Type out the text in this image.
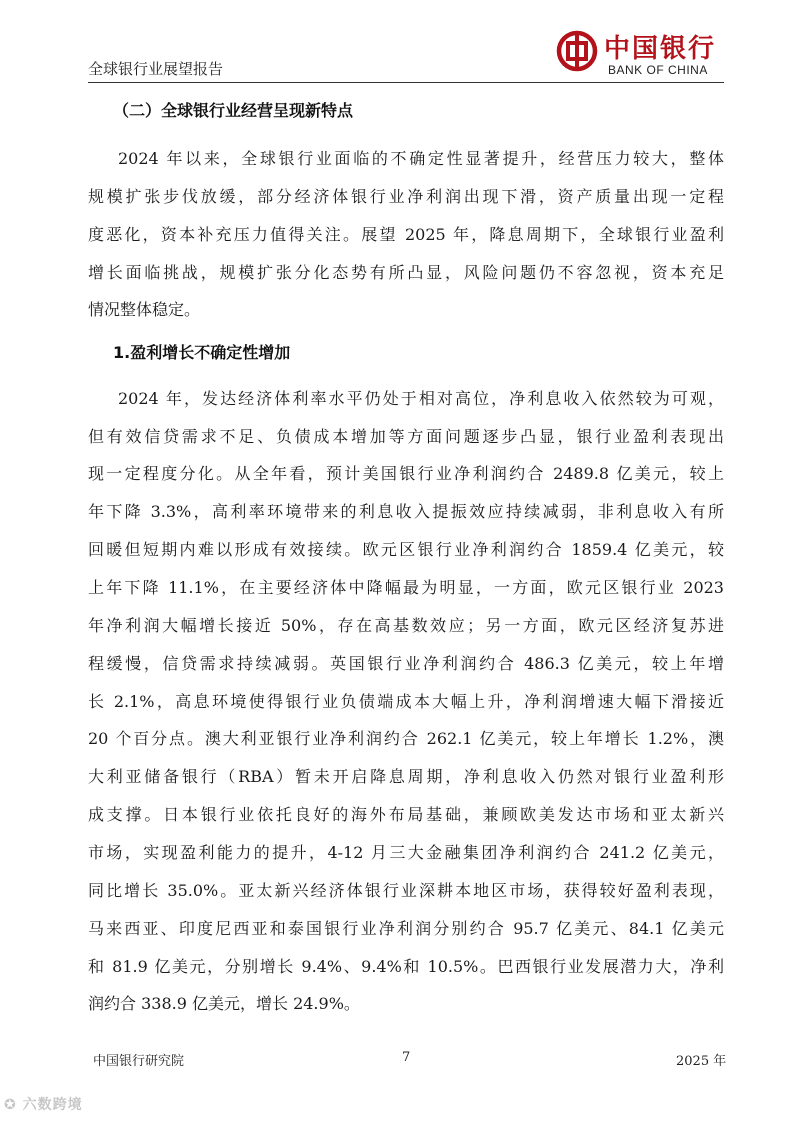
全球银行业展望报告
中国银行
BANK OF CHINA
（二）全球银行业经营呈现新特点
2024 年以来，全球银行业面临的不确定性显著提升，经营压力较大，整体
规模扩张步伐放缓，部分经济体银行业净利润出现下滑，资产质量出现一定程
度恶化，资本补充压力值得关注。展望 2025 年，降息周期下，全球银行业盈利
增长面临挑战，规模扩张分化态势有所凸显，风险问题仍不容忽视，资本充足
情况整体稳定。
1.盈利增长不确定性增加
2024 年，发达经济体利率水平仍处于相对高位，净利息收入依然较为可观，
但有效信贷需求不足、负债成本增加等方面问题逐步凸显，银行业盈利表现出
现一定程度分化。从全年看，预计美国银行业净利润约合 2489.8 亿美元，较上
年下降 3.3%，高利率环境带来的利息收入提振效应持续减弱，非利息收入有所
回暖但短期内难以形成有效接续。欧元区银行业净利润约合 1859.4 亿美元，较
上年下降 11.1%，在主要经济体中降幅最为明显，一方面，欧元区银行业 2023
年净利润大幅增长接近 50%，存在高基数效应；另一方面，欧元区经济复苏进
程缓慢，信贷需求持续减弱。英国银行业净利润约合 486.3 亿美元，较上年增
长 2.1%，高息环境使得银行业负债端成本大幅上升，净利润增速大幅下滑接近
20 个百分点。澳大利亚银行业净利润约合 262.1 亿美元，较上年增长 1.2%，澳
大利亚储备银行（RBA）暂未开启降息周期，净利息收入仍然对银行业盈利形
成支撑。日本银行业依托良好的海外布局基础，兼顾欧美发达市场和亚太新兴
市场，实现盈利能力的提升，4-12 月三大金融集团净利润约合 241.2 亿美元，
同比增长 35.0%。亚太新兴经济体银行业深耕本地区市场，获得较好盈利表现，
马来西亚、印度尼西亚和泰国银行业净利润分别约合 95.7 亿美元、84.1 亿美元
和 81.9 亿美元，分别增长 9.4%、9.4%和 10.5%。巴西银行业发展潜力大，净利
润约合 338.9 亿美元，增长 24.9%。
中国银行研究院	7	2025 年
✪ 六数跨境
